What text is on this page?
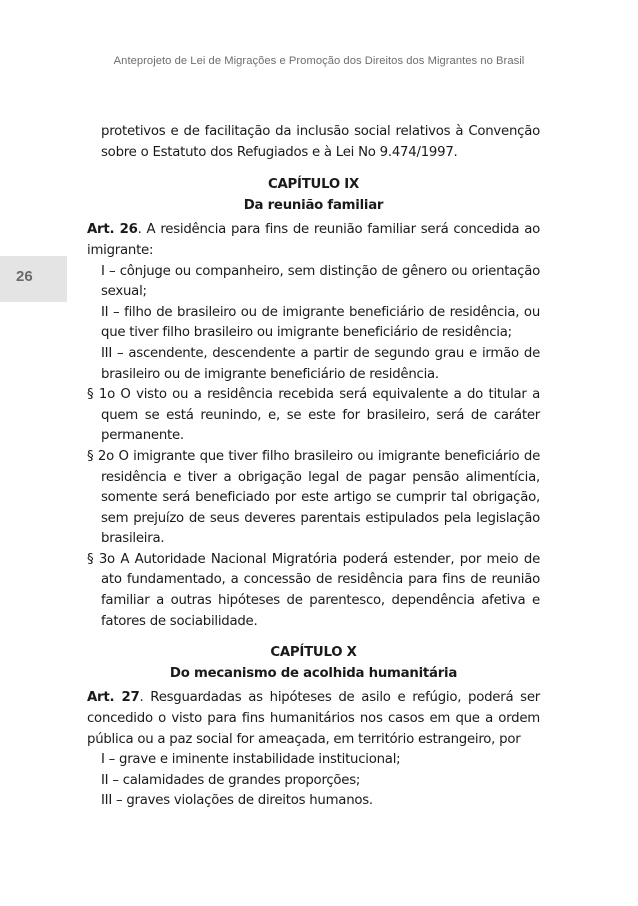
Anteprojeto de Lei de Migrações e Promoção dos Direitos dos Migrantes no Brasil
26

protetivos e de facilitação da inclusão social relativos à Convenção sobre o Estatuto dos Refugiados e à Lei No 9.474/1997.

CAPÍTULO IX

Da reunião familiar

Art. 26. A residência para fins de reunião familiar será concedida ao imigrante:

I – cônjuge ou companheiro, sem distinção de gênero ou orientação sexual;

II – filho de brasileiro ou de imigrante beneficiário de residência, ou que tiver filho brasileiro ou imigrante beneficiário de residência;

III – ascendente, descendente a partir de segundo grau e irmão de brasileiro ou de imigrante beneficiário de residência.

§ 1o O visto ou a residência recebida será equivalente a do titular a quem se está reunindo, e, se este for brasileiro, será de caráter permanente.

§ 2o O imigrante que tiver filho brasileiro ou imigrante beneficiário de residência e tiver a obrigação legal de pagar pensão alimentícia, somente será beneficiado por este artigo se cumprir tal obrigação, sem prejuízo de seus deveres parentais estipulados pela legislação brasileira.

§ 3o A Autoridade Nacional Migratória poderá estender, por meio de ato fundamentado, a concessão de residência para fins de reunião familiar a outras hipóteses de parentesco, dependência afetiva e fatores de sociabilidade.

CAPÍTULO X

Do mecanismo de acolhida humanitária

Art. 27. Resguardadas as hipóteses de asilo e refúgio, poderá ser concedido o visto para fins humanitários nos casos em que a ordem pública ou a paz social for ameaçada, em território estrangeiro, por

I – grave e iminente instabilidade institucional;

II – calamidades de grandes proporções;

III – graves violações de direitos humanos.
